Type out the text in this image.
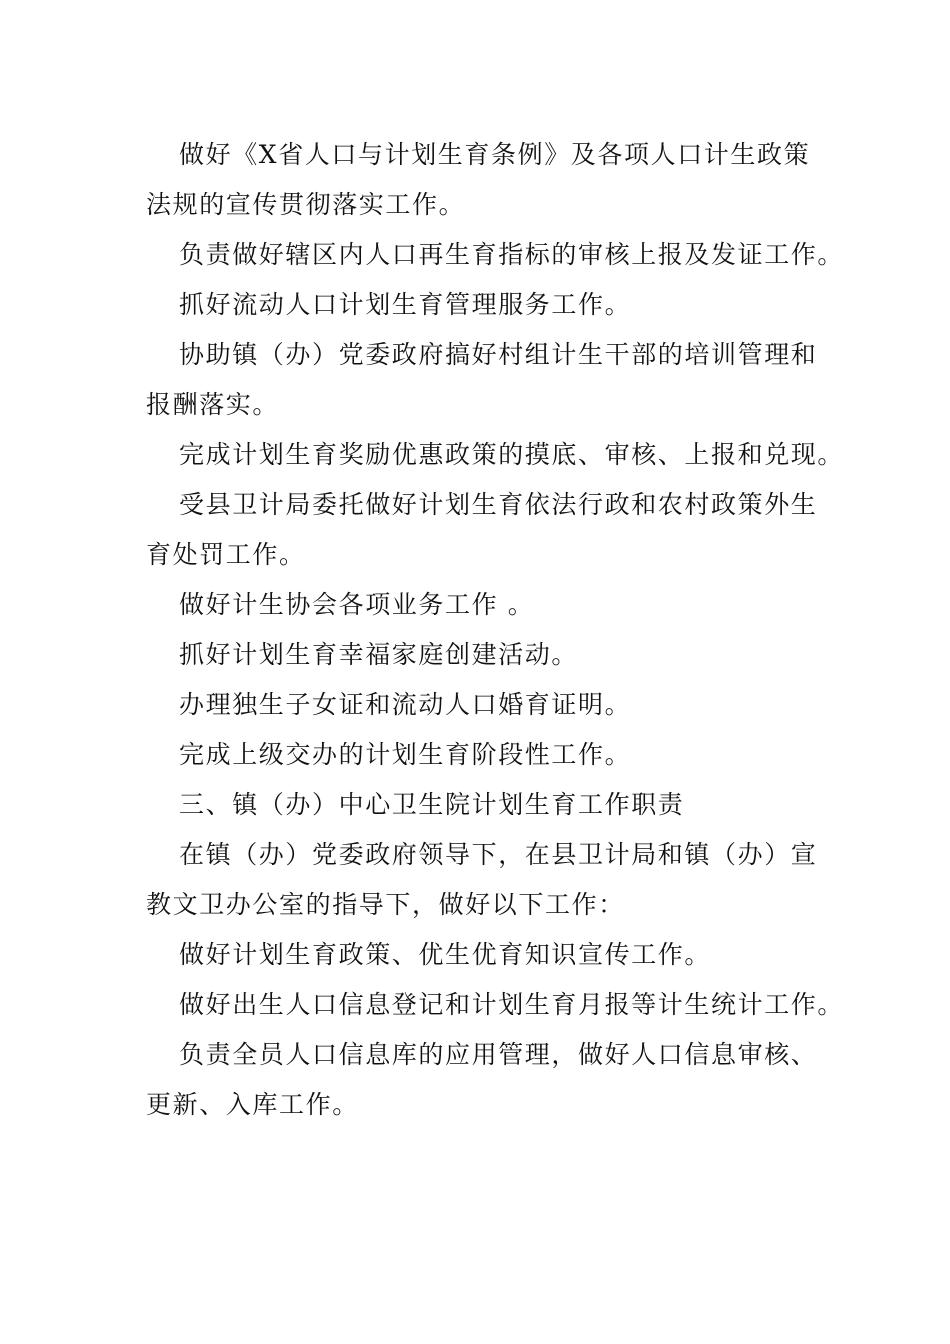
做好《X省人口与计划生育条例》及各项人口计生政策
法规的宣传贯彻落实工作。
负责做好辖区内人口再生育指标的审核上报及发证工作。
抓好流动人口计划生育管理服务工作。
协助镇（办）党委政府搞好村组计生干部的培训管理和
报酬落实。
完成计划生育奖励优惠政策的摸底、审核、上报和兑现。
受县卫计局委托做好计划生育依法行政和农村政策外生
育处罚工作。
做好计生协会各项业务工作 。
抓好计划生育幸福家庭创建活动。
办理独生子女证和流动人口婚育证明。
完成上级交办的计划生育阶段性工作。
三、镇（办）中心卫生院计划生育工作职责
在镇（办）党委政府领导下，在县卫计局和镇（办）宣
教文卫办公室的指导下，做好以下工作：
做好计划生育政策、优生优育知识宣传工作。
做好出生人口信息登记和计划生育月报等计生统计工作。
负责全员人口信息库的应用管理，做好人口信息审核、
更新、入库工作。
